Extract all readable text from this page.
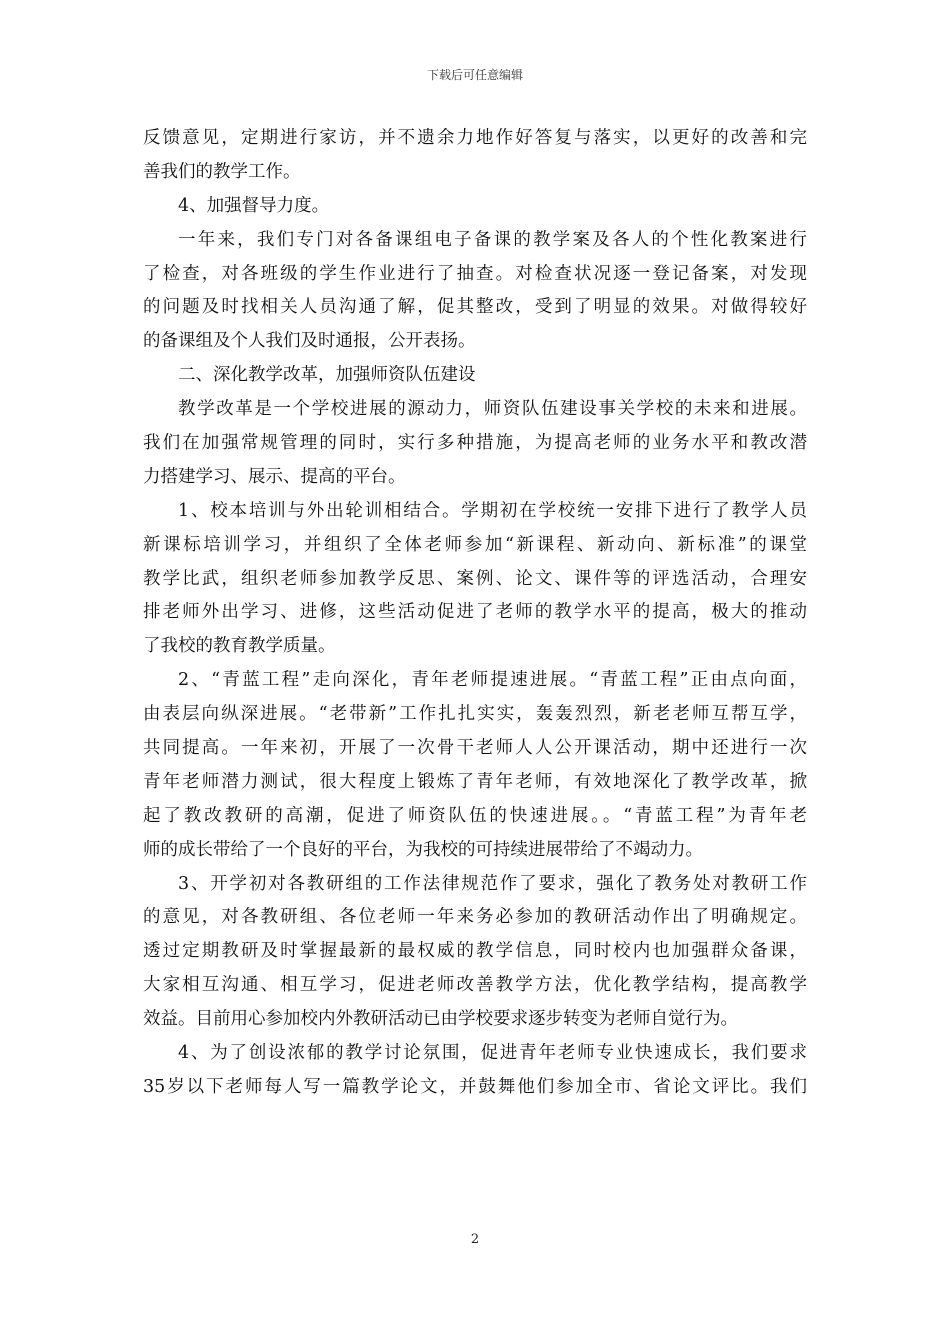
下载后可任意编辑
反馈意见，定期进行家访，并不遗余力地作好答复与落实，以更好的改善和完
善我们的教学工作。
4、加强督导力度。
一年来，我们专门对各备课组电子备课的教学案及各人的个性化教案进行
了检查，对各班级的学生作业进行了抽查。对检查状况逐一登记备案，对发现
的问题及时找相关人员沟通了解，促其整改，受到了明显的效果。对做得较好
的备课组及个人我们及时通报，公开表扬。
二、深化教学改革，加强师资队伍建设
教学改革是一个学校进展的源动力，师资队伍建设事关学校的未来和进展。
我们在加强常规管理的同时，实行多种措施，为提高老师的业务水平和教改潜
力搭建学习、展示、提高的平台。
1、校本培训与外出轮训相结合。学期初在学校统一安排下进行了教学人员
新课标培训学习，并组织了全体老师参加“新课程、新动向、新标准”的课堂
教学比武，组织老师参加教学反思、案例、论文、课件等的评选活动，合理安
排老师外出学习、进修，这些活动促进了老师的教学水平的提高，极大的推动
了我校的教育教学质量。
2、“青蓝工程”走向深化，青年老师提速进展。“青蓝工程”正由点向面，
由表层向纵深进展。“老带新”工作扎扎实实，轰轰烈烈，新老老师互帮互学，
共同提高。一年来初，开展了一次骨干老师人人公开课活动，期中还进行一次
青年老师潜力测试，很大程度上锻炼了青年老师，有效地深化了教学改革，掀
起了教改教研的高潮，促进了师资队伍的快速进展。。“青蓝工程”为青年老
师的成长带给了一个良好的平台，为我校的可持续进展带给了不竭动力。
3、开学初对各教研组的工作法律规范作了要求，强化了教务处对教研工作
的意见，对各教研组、各位老师一年来务必参加的教研活动作出了明确规定。
透过定期教研及时掌握最新的最权威的教学信息，同时校内也加强群众备课，
大家相互沟通、相互学习，促进老师改善教学方法，优化教学结构，提高教学
效益。目前用心参加校内外教研活动已由学校要求逐步转变为老师自觉行为。
4、为了创设浓郁的教学讨论氛围，促进青年老师专业快速成长，我们要求
35岁以下老师每人写一篇教学论文，并鼓舞他们参加全市、省论文评比。我们
2
